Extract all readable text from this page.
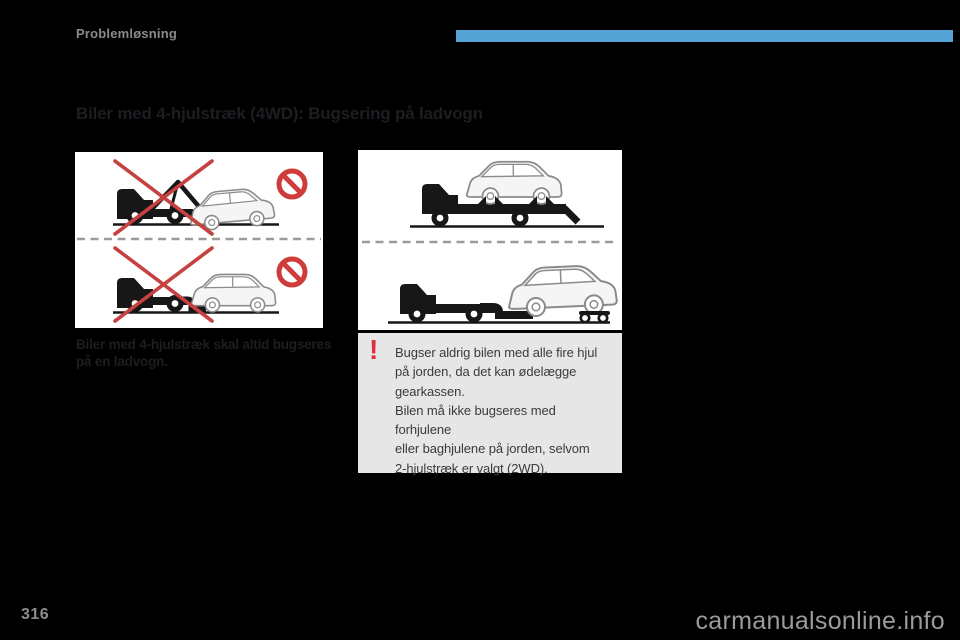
Problemløsning
Biler med 4-hjulstræk (4WD): Bugsering på ladvogn
Biler med 4-hjulstræk skal altid bugseres
på en ladvogn.	! Bugser aldrig bilen med alle fire hjul
på jorden, da det kan ødelægge
gearkassen.
Bilen må ikke bugseres med forhjulene
eller baghjulene på jorden, selvom
2-hjulstræk er valgt (2WD).
316	carmanualsonline.info
